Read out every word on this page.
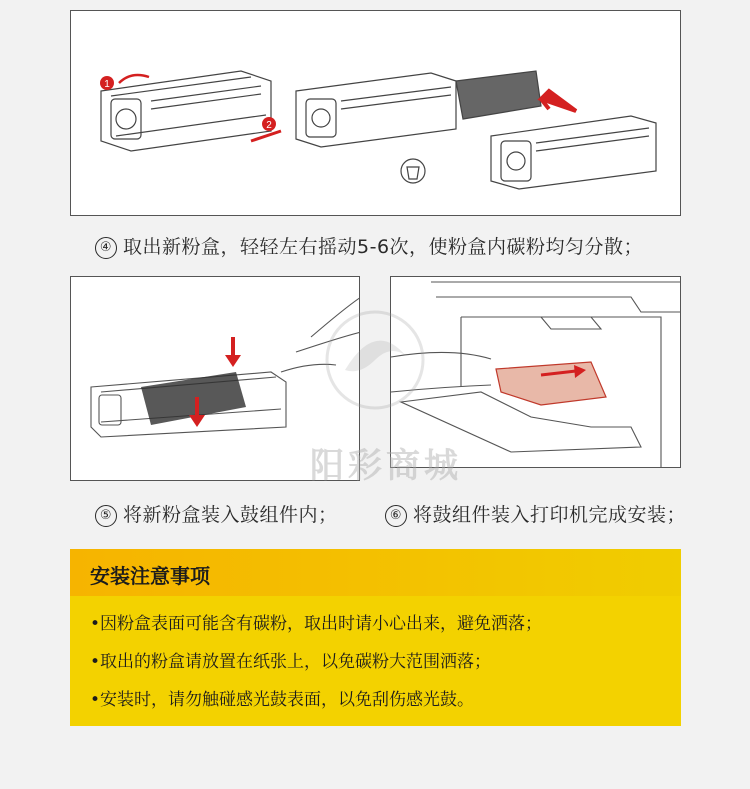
1
2
④ 取出新粉盒，轻轻左右摇动5-6次，使粉盒内碳粉均匀分散；
阳彩商城
⑤ 将新粉盒装入鼓组件内；	⑥ 将鼓组件装入打印机完成安装；
安装注意事项
•因粉盒表面可能含有碳粉，取出时请小心出来，避免洒落；
•取出的粉盒请放置在纸张上，以免碳粉大范围洒落；
•安装时，请勿触碰感光鼓表面，以免刮伤感光鼓。
